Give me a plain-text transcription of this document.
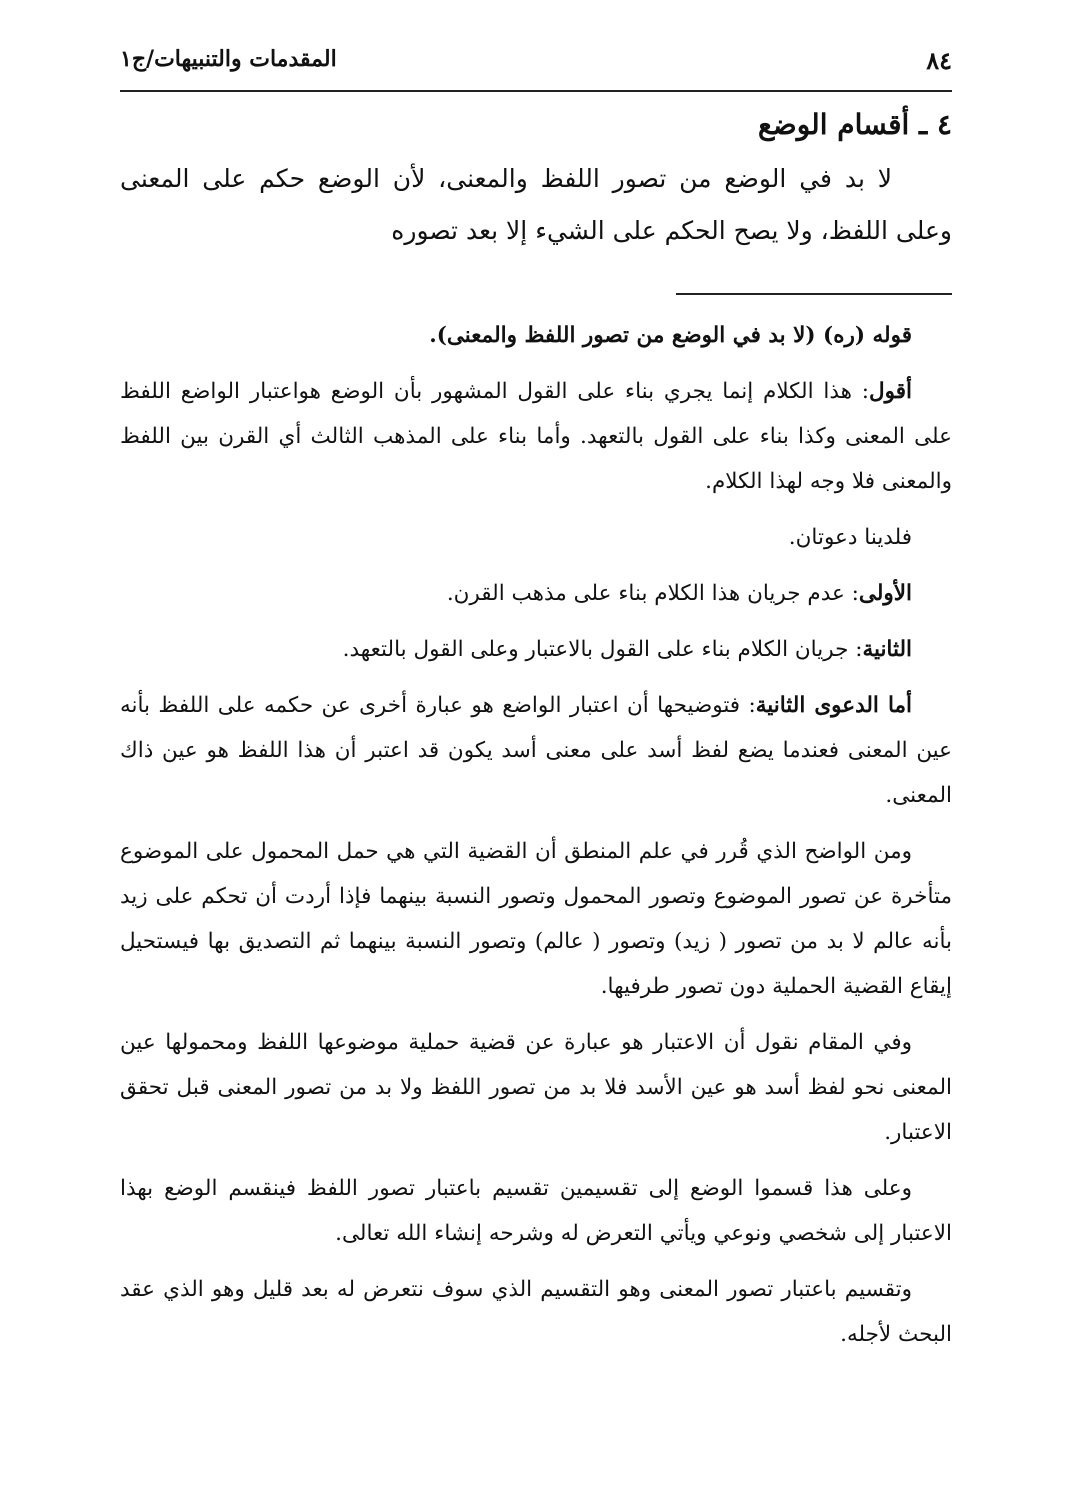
٨٤
المقدمات والتنبيهات/ج١
٤ ـ أقسام الوضع

لا بد في الوضع من تصور اللفظ والمعنى، لأن الوضع حكم على المعنى وعلى اللفظ، ولا يصح الحكم على الشيء إلا بعد تصوره

قوله (ره) (لا بد في الوضع من تصور اللفظ والمعنى).

أقول: هذا الكلام إنما يجري بناء على القول المشهور بأن الوضع هواعتبار الواضع اللفظ على المعنى وكذا بناء على القول بالتعهد. وأما بناء على المذهب الثالث أي القرن بين اللفظ والمعنى فلا وجه لهذا الكلام.

فلدينا دعوتان.

الأولى: عدم جريان هذا الكلام بناء على مذهب القرن.

الثانية: جريان الكلام بناء على القول بالاعتبار وعلى القول بالتعهد.

أما الدعوى الثانية: فتوضيحها أن اعتبار الواضع هو عبارة أخرى عن حكمه على اللفظ بأنه عين المعنى فعندما يضع لفظ أسد على معنى أسد يكون قد اعتبر أن هذا اللفظ هو عين ذاك المعنى.

ومن الواضح الذي قُرر في علم المنطق أن القضية التي هي حمل المحمول على الموضوع متأخرة عن تصور الموضوع وتصور المحمول وتصور النسبة بينهما فإذا أردت أن تحكم على زيد بأنه عالم لا بد من تصور ( زيد) وتصور ( عالم) وتصور النسبة بينهما ثم التصديق بها فيستحيل إيقاع القضية الحملية دون تصور طرفيها.

وفي المقام نقول أن الاعتبار هو عبارة عن قضية حملية موضوعها اللفظ ومحمولها عين المعنى نحو لفظ أسد هو عين الأسد فلا بد من تصور اللفظ ولا بد من تصور المعنى قبل تحقق الاعتبار.

وعلى هذا قسموا الوضع إلى تقسيمين تقسيم باعتبار تصور اللفظ فينقسم الوضع بهذا الاعتبار إلى شخصي ونوعي ويأتي التعرض له وشرحه إنشاء الله تعالى.

وتقسيم باعتبار تصور المعنى وهو التقسيم الذي سوف نتعرض له بعد قليل وهو الذي عقد البحث لأجله.
